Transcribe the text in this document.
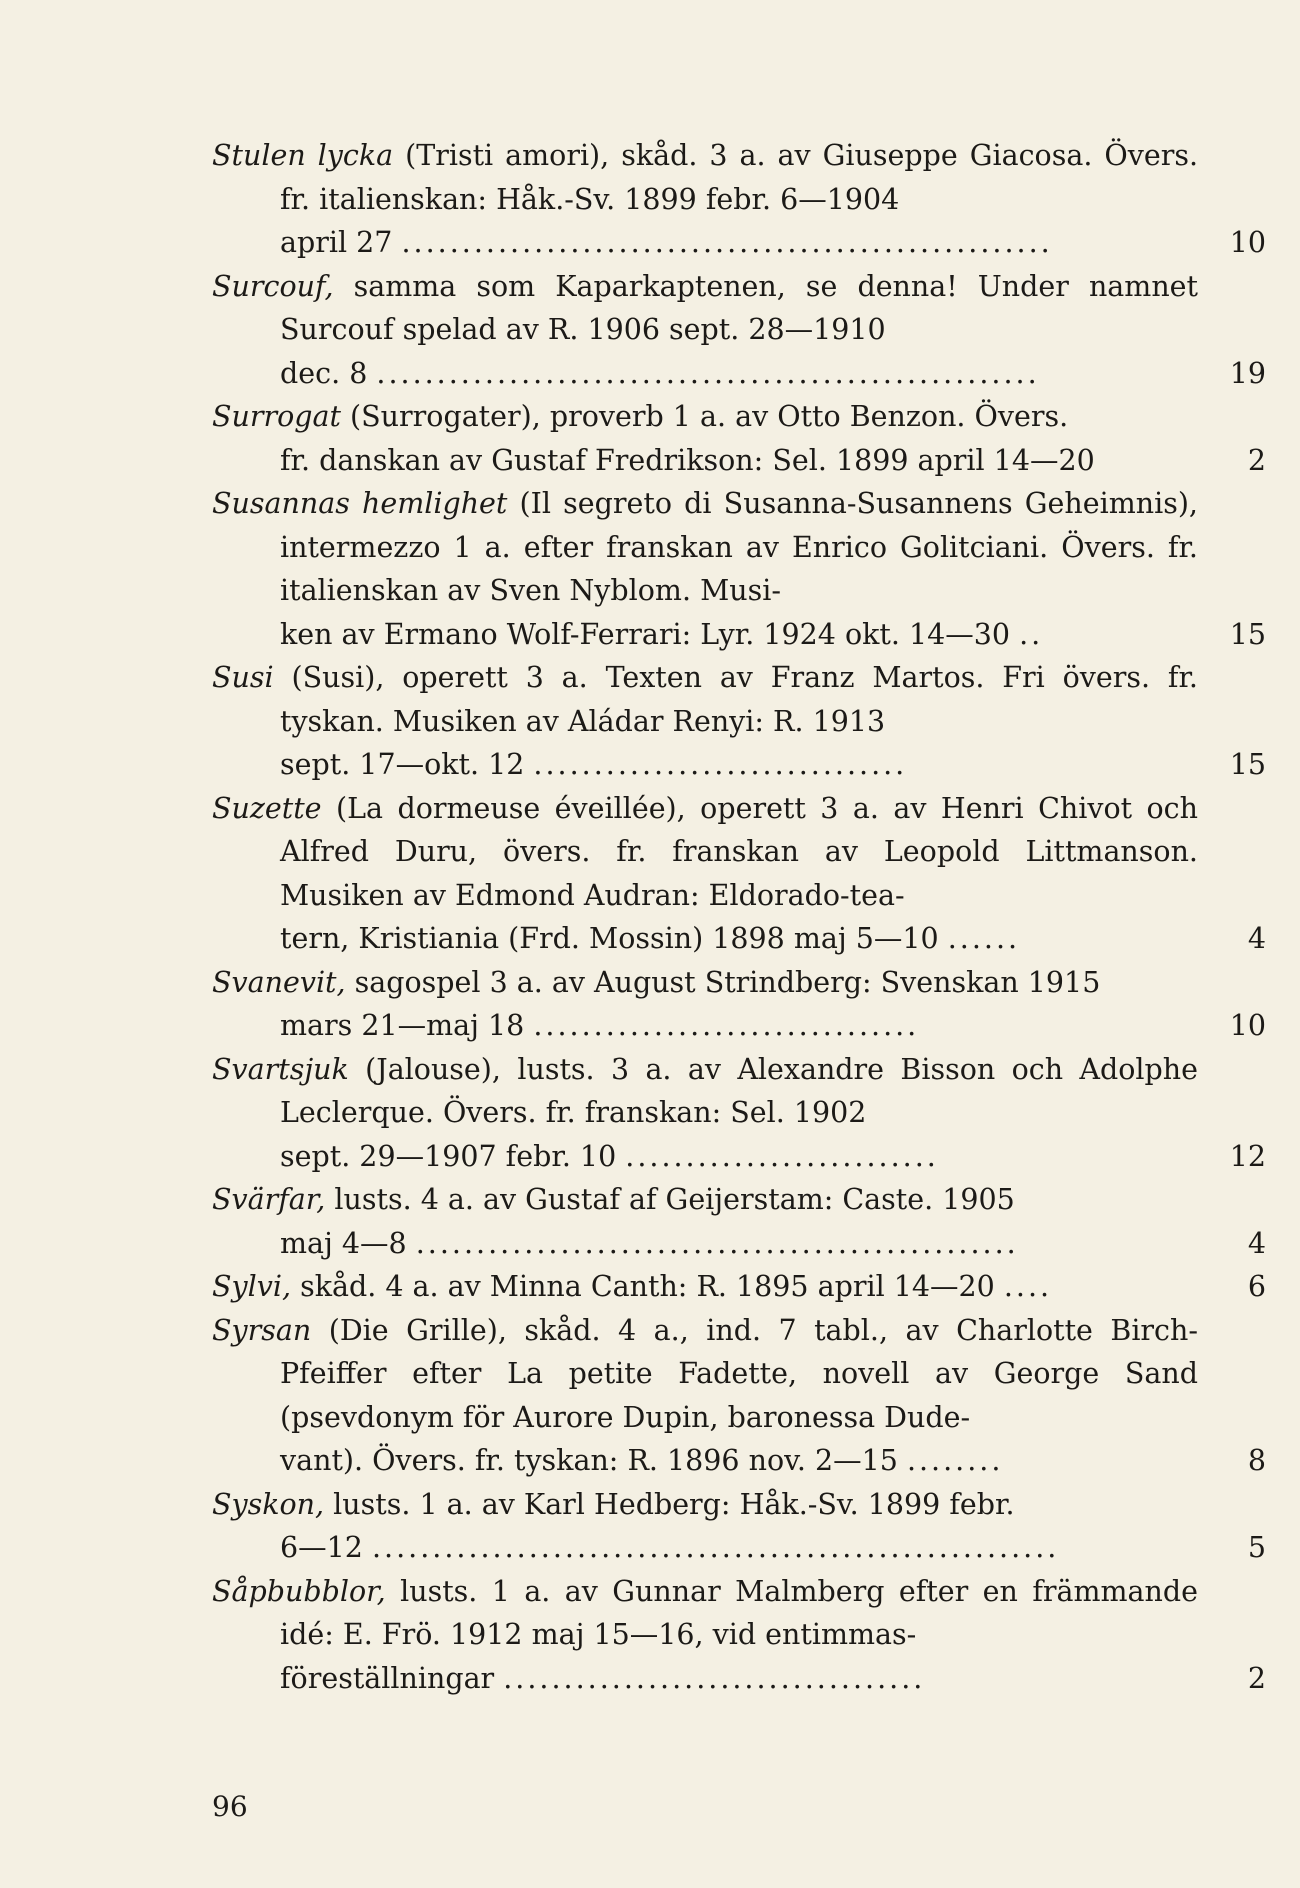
Stulen lycka (Tristi amori), skåd. 3 a. av Giuseppe Giacosa. Övers. fr. italienskan: Håk.-Sv. 1899 febr. 6—1904
april 27 ......................................................	10
Surcouf, samma som Kaparkaptenen, se denna! Under namnet Surcouf spelad av R. 1906 sept. 28—1910
dec. 8 .......................................................	19
Surrogat (Surrogater), proverb 1 a. av Otto Benzon. Övers.
fr. danskan av Gustaf Fredrikson: Sel. 1899 april 14—20	2
Susannas hemlighet (Il segreto di Susanna-Susannens Geheimnis), intermezzo 1 a. efter franskan av Enrico Golitciani. Övers. fr. italienskan av Sven Nyblom. Musi-
ken av Ermano Wolf-Ferrari: Lyr. 1924 okt. 14—30 ..	15
Susi (Susi), operett 3 a. Texten av Franz Martos. Fri övers. fr. tyskan. Musiken av Aládar Renyi: R. 1913
sept. 17—okt. 12 ...............................	15
Suzette (La dormeuse éveillée), operett 3 a. av Henri Chivot och Alfred Duru, övers. fr. franskan av Leopold Littmanson. Musiken av Edmond Audran: Eldorado-tea-
tern, Kristiania (Frd. Mossin) 1898 maj 5—10 ......	4
Svanevit, sagospel 3 a. av August Strindberg: Svenskan 1915
mars 21—maj 18 ................................	10
Svartsjuk (Jalouse), lusts. 3 a. av Alexandre Bisson och Adolphe Leclerque. Övers. fr. franskan: Sel. 1902
sept. 29—1907 febr. 10 ..........................	12
Svärfar, lusts. 4 a. av Gustaf af Geijerstam: Caste. 1905
maj 4—8 ..................................................	4
Sylvi, skåd. 4 a. av Minna Canth: R. 1895 april 14—20 ....	6
Syrsan (Die Grille), skåd. 4 a., ind. 7 tabl., av Charlotte Birch-Pfeiffer efter La petite Fadette, novell av George Sand (psevdonym för Aurore Dupin, baronessa Dude-
vant). Övers. fr. tyskan: R. 1896 nov. 2—15 ........	8
Syskon, lusts. 1 a. av Karl Hedberg: Håk.-Sv. 1899 febr.
6—12 .........................................................	5
Såpbubblor, lusts. 1 a. av Gunnar Malmberg efter en främmande idé: E. Frö. 1912 maj 15—16, vid entimmas-
föreställningar ...................................	2
96
